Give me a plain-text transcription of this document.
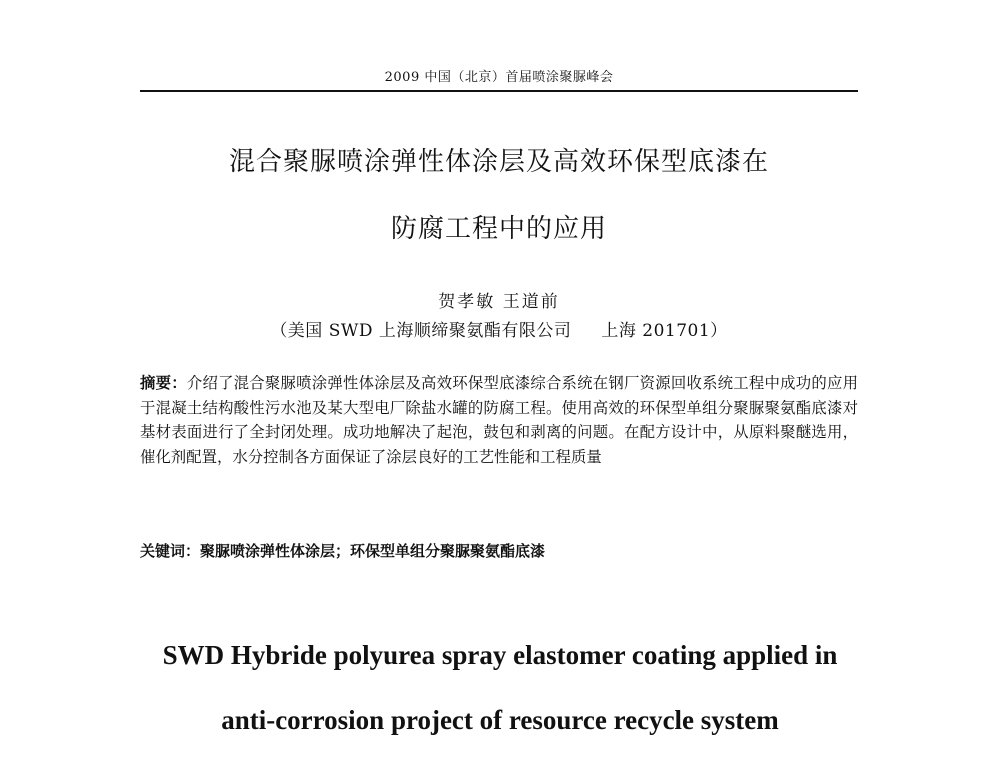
2009 中国（北京）首届喷涂聚脲峰会
混合聚脲喷涂弹性体涂层及高效环保型底漆在
防腐工程中的应用
贺孝敏 王道前
（美国 SWD 上海顺缔聚氨酯有限公司 上海 201701）
摘要：介绍了混合聚脲喷涂弹性体涂层及高效环保型底漆综合系统在钢厂资源回收系统工程中成功的应用于混凝土结构酸性污水池及某大型电厂除盐水罐的防腐工程。使用高效的环保型单组分聚脲聚氨酯底漆对基材表面进行了全封闭处理。成功地解决了起泡，鼓包和剥离的问题。在配方设计中，从原料聚醚选用，催化剂配置，水分控制各方面保证了涂层良好的工艺性能和工程质量
关键词：聚脲喷涂弹性体涂层；环保型单组分聚脲聚氨酯底漆
SWD Hybride polyurea spray elastomer coating applied in
anti-corrosion project of resource recycle system
